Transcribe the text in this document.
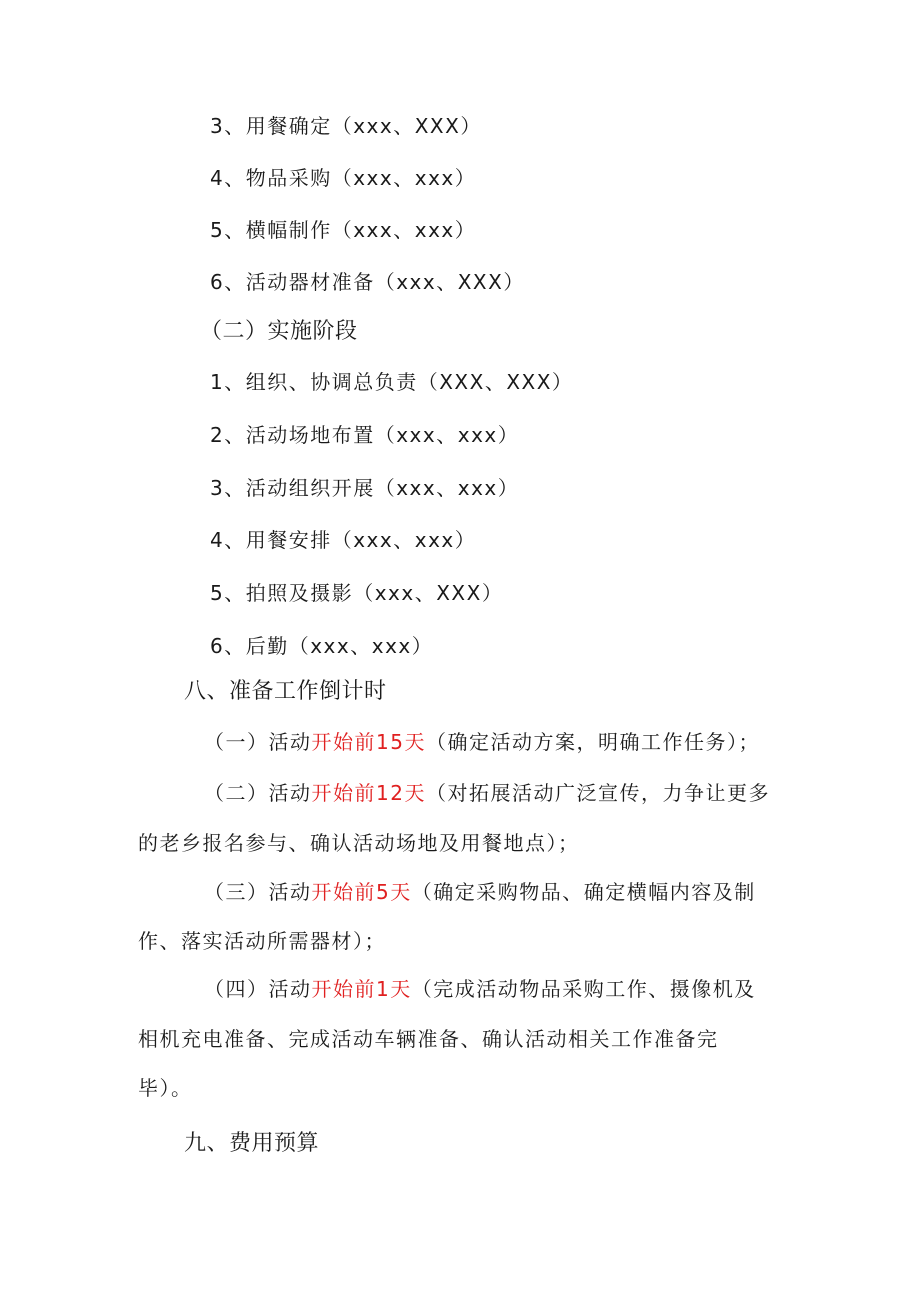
3、用餐确定（xxx、XXX）
4、物品采购（xxx、xxx）
5、横幅制作（xxx、xxx）
6、活动器材准备（xxx、XXX）
（二）实施阶段
1、组织、协调总负责（XXX、XXX）
2、活动场地布置（xxx、xxx）
3、活动组织开展（xxx、xxx）
4、用餐安排（xxx、xxx）
5、拍照及摄影（xxx、XXX）
6、后勤（xxx、xxx）
八、准备工作倒计时
（一）活动开始前15天（确定活动方案，明确工作任务）；
（二）活动开始前12天（对拓展活动广泛宣传，力争让更多
的老乡报名参与、确认活动场地及用餐地点）；
（三）活动开始前5天（确定采购物品、确定横幅内容及制
作、落实活动所需器材）；
（四）活动开始前1天（完成活动物品采购工作、摄像机及
相机充电准备、完成活动车辆准备、确认活动相关工作准备完
毕）。
九、费用预算
